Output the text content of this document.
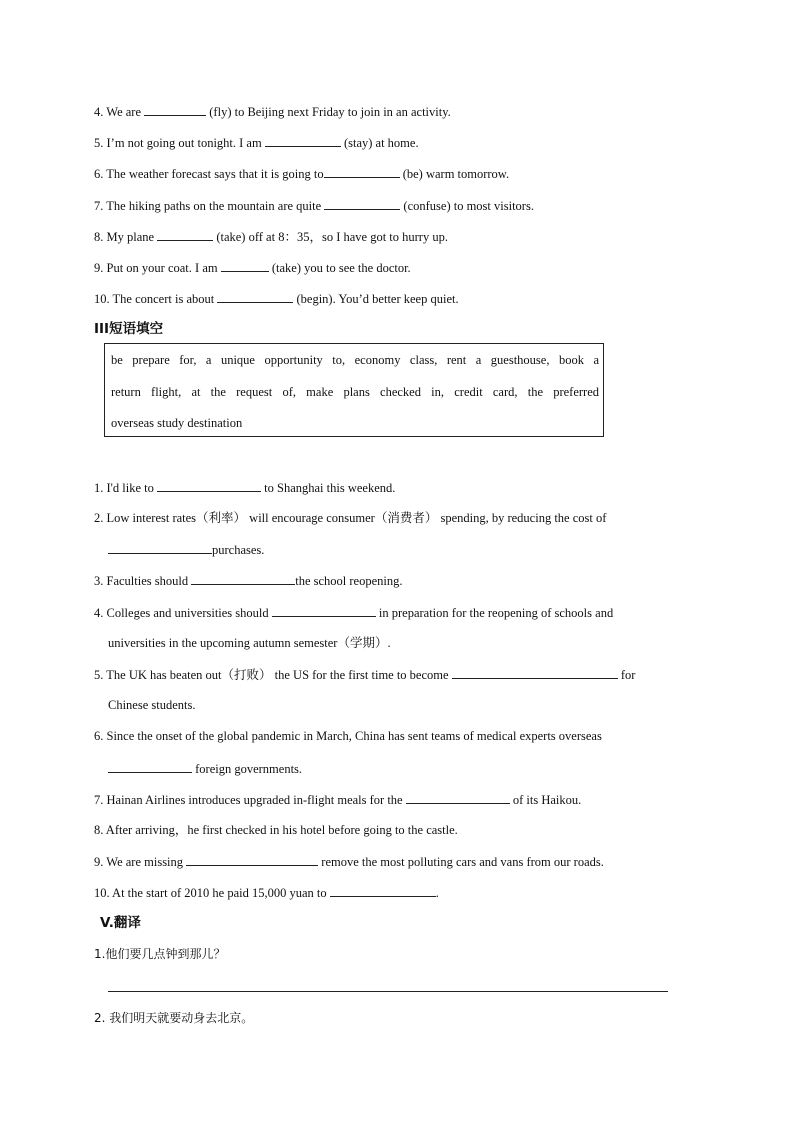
4. We are	(fly) to Beijing next Friday to join in an activity.
5. I’m not going out tonight. I am	(stay) at home.
6. The weather forecast says that it is going to	(be) warm tomorrow.
7. The hiking paths on the mountain are quite	(confuse) to most visitors.
8. My plane	(take) off at 8：35，so I have got to hurry up.
9. Put on your coat. I am	(take) you to see the doctor.
10. The concert is about	(begin). You’d better keep quiet.
III短语填空
be prepare for, a unique opportunity to, economy class, rent a guesthouse, book a
return flight, at the request of, make plans checked in, credit card, the preferred
overseas study destination
1. I'd like to	to Shanghai this weekend.
2. Low interest rates（利率） will encourage consumer（消费者） spending, by reducing the cost of
purchases.
3. Faculties should	the school reopening.
4. Colleges and universities should	in preparation for the reopening of schools and
universities in the upcoming autumn semester（学期）.
5. The UK has beaten out（打败） the US for the first time to become	for
Chinese students.
6. Since the onset of the global pandemic in March, China has sent teams of medical experts overseas
foreign governments.
7. Hainan Airlines introduces upgraded in-flight meals for the	of its Haikou.
8. After arriving，he first checked in his hotel before going to the castle.
9. We are missing	remove the most polluting cars and vans from our roads.
10. At the start of 2010 he paid 15,000 yuan to	.
V.翻译
1.他们要几点钟到那儿？
2. 我们明天就要动身去北京。
